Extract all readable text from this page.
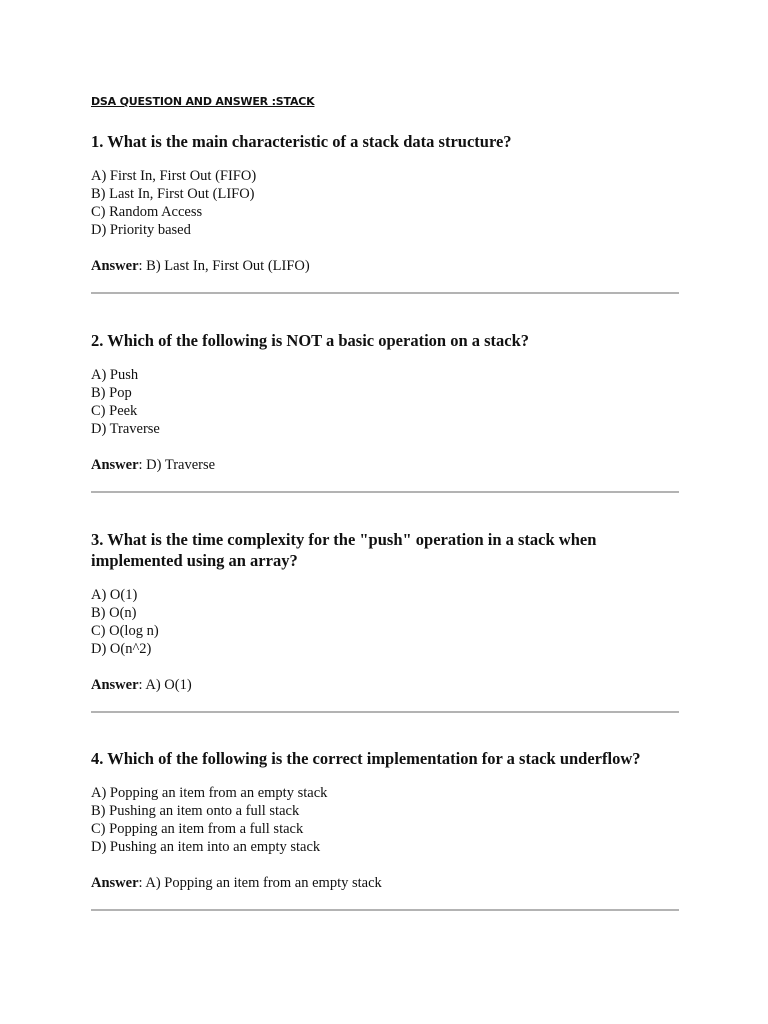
DSA QUESTION AND ANSWER :STACK

1. What is the main characteristic of a stack data structure?

A) First In, First Out (FIFO)
B) Last In, First Out (LIFO)
C) Random Access
D) Priority based
Answer: B) Last In, First Out (LIFO)

2. Which of the following is NOT a basic operation on a stack?

A) Push
B) Pop
C) Peek
D) Traverse
Answer: D) Traverse

3. What is the time complexity for the "push" operation in a stack when implemented using an array?

A) O(1)
B) O(n)
C) O(log n)
D) O(n^2)
Answer: A) O(1)

4. Which of the following is the correct implementation for a stack underflow?

A) Popping an item from an empty stack
B) Pushing an item onto a full stack
C) Popping an item from a full stack
D) Pushing an item into an empty stack
Answer: A) Popping an item from an empty stack
